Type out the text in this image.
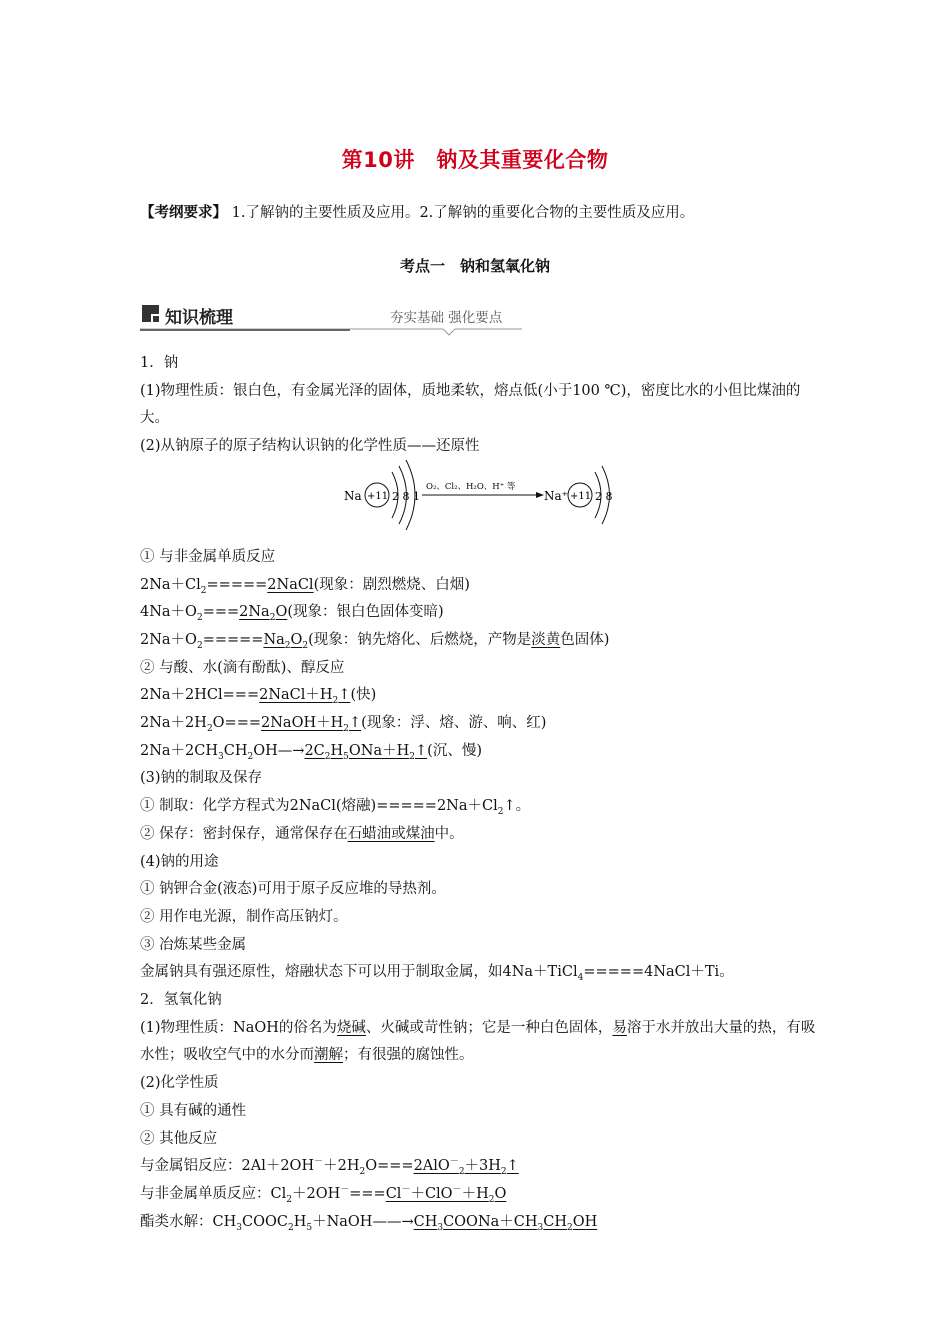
第10讲　钠及其重要化合物
【考纲要求】 1.了解钠的主要性质及应用。2.了解钠的重要化合物的主要性质及应用。
考点一　钠和氢氧化钠
知识梳理	夯实基础 强化要点
Na +11 2 8 1
O₂、Cl₂、H₂O、H⁺ 等
Na⁺ +11 2 8

1．钠

(1)物理性质：银白色，有金属光泽的固体，质地柔软，熔点低(小于100 ℃)，密度比水的小但比煤油的大。

(2)从钠原子的原子结构认识钠的化学性质——还原性

① 与非金属单质反应

$2Na+Cl_2=====2NaCl$(现象：剧烈燃烧、白烟)

$4Na+O_2===2Na_2O$(现象：银白色固体变暗)

$2Na+O_2=====Na_2O_2$(现象：钠先熔化、后燃烧，产物是淡黄色固体)

② 与酸、水(滴有酚酞)、醇反应

$2Na+2HCl===2NaCl+H_2↑$(快)

$2Na+2H_2O===2NaOH+H_2↑$(现象：浮、熔、游、响、红)

$2Na+2CH_3CH_2OH—\to 2C_2H_5ONa+H_2↑$(沉、慢)

(3)钠的制取及保存

① 制取：化学方程式为2NaCl(熔融)$=====2Na+Cl_2↑$。

② 保存：密封保存，通常保存在石蜡油或煤油中。

(4)钠的用途

① 钠钾合金(液态)可用于原子反应堆的导热剂。

② 用作电光源，制作高压钠灯。

③ 冶炼某些金属

金属钠具有强还原性，熔融状态下可以用于制取金属，如4Na＋TiCl$_4$=====4NaCl＋Ti。

2．氢氧化钠

(1)物理性质：NaOH的俗名为烧碱、火碱或苛性钠；它是一种白色固体，易溶于水并放出大量的热，有吸水性；吸收空气中的水分而潮解；有很强的腐蚀性。

(2)化学性质

① 具有碱的通性

② 其他反应

与金属铝反应：$2Al+2OH^-+2H_2O===2AlO^-_2+3H_2↑$

与非金属单质反应：$Cl_2+2OH^-===Cl^-+ClO^-+H_2O$

酯类水解：$CH_3COOC_2H_5+NaOH——\to CH_3COONa+CH_3CH_2OH$
